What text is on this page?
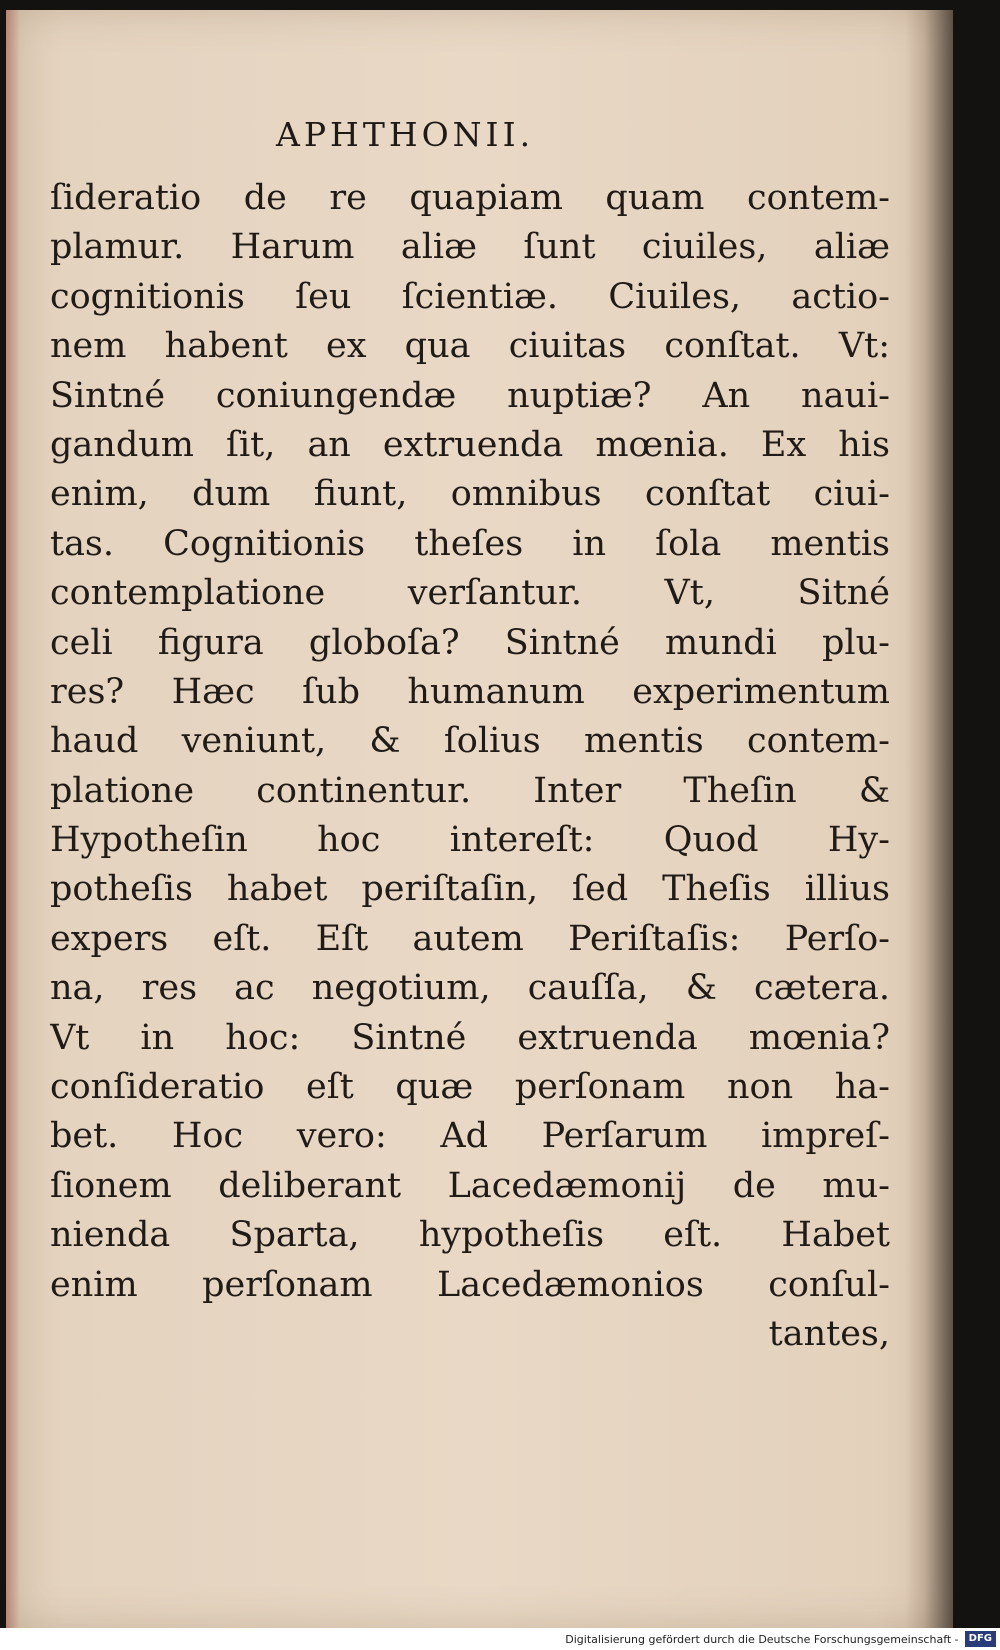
APHTHONII.
ſideratio de re quapiam quam contem-
plamur. Harum aliæ ſunt ciuiles, aliæ
cognitionis ſeu ſcientiæ. Ciuiles, actio-
nem habent ex qua ciuitas conſtat. Vt:
Sintné coniungendæ nuptiæ? An naui-
gandum ſit, an extruenda mœnia. Ex his
enim, dum fiunt, omnibus conſtat ciui-
tas. Cognitionis theſes in ſola mentis
contemplatione verſantur. Vt, Sitné
celi figura globoſa? Sintné mundi plu-
res? Hæc ſub humanum experimentum
haud veniunt, & ſolius mentis contem-
platione continentur. Inter Theſin &
Hypotheſin hoc intereſt: Quod Hy-
potheſis habet periſtaſin, ſed Theſis illius
expers eſt. Eſt autem Periſtaſis: Perſo-
na, res ac negotium, cauſſa, & cætera.
Vt in hoc: Sintné extruenda mœnia?
conſideratio eſt quæ perſonam non ha-
bet. Hoc vero: Ad Perſarum impreſ-
ſionem deliberant Lacedæmonij de mu-
nienda Sparta, hypotheſis eſt. Habet
enim perſonam Lacedæmonios conſul-
tantes,
Digitalisierung gefördert durch die Deutsche Forschungsgemeinschaft -	DFG
